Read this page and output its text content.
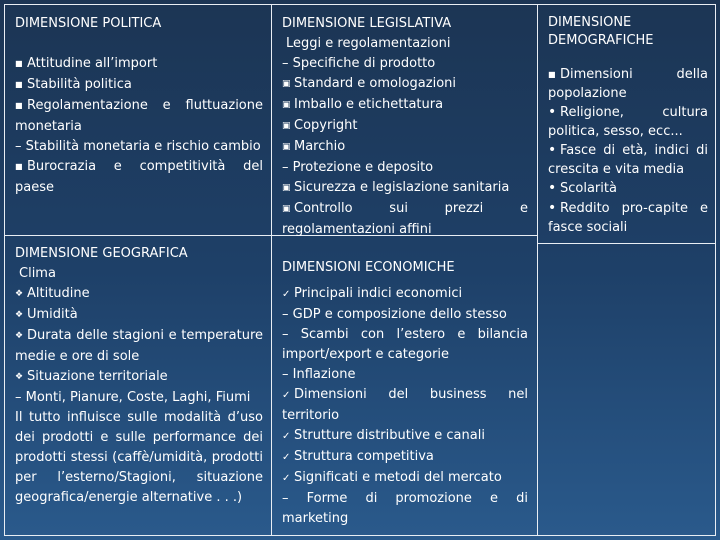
DIMENSIONE POLITICA
■Attitudine all’import
■Stabilità politica
■Regolamentazione e fluttuazione monetaria
– Stabilità monetaria e rischio cambio
■Burocrazia e competitività del paese
DIMENSIONE LEGISLATIVA
Leggi e regolamentazioni
– Specifiche di prodotto
▣Standard e omologazioni
▣Imballo e etichettatura
▣Copyright
▣Marchio
– Protezione e deposito
▣Sicurezza e legislazione sanitaria
▣Controllo sui prezzi e regolamentazioni affini
DIMENSIONE DEMOGRAFICHE
■Dimensioni della popolazione
•Religione, cultura politica, sesso, ecc...
•Fasce di età, indici di crescita e vita media
•Scolarità
•Reddito pro-capite e fasce sociali
DIMENSIONE GEOGRAFICA
Clima
❖Altitudine
❖Umidità
❖Durata delle stagioni e temperature medie e ore di sole
❖Situazione territoriale
– Monti, Pianure, Coste, Laghi, Fiumi
Il tutto influisce sulle modalità d’uso dei prodotti e sulle performance dei prodotti stessi (caffè/umidità, prodotti per l’esterno/Stagioni, situazione geografica/energie alternative . . .)
DIMENSIONI ECONOMICHE
✓Principali indici economici
– GDP e composizione dello stesso
– Scambi con l’estero e bilancia import/export e categorie
– Inflazione
✓Dimensioni del business nel territorio
✓Strutture distributive e canali
✓Struttura competitiva
✓Significati e metodi del mercato
– Forme di promozione e di marketing
